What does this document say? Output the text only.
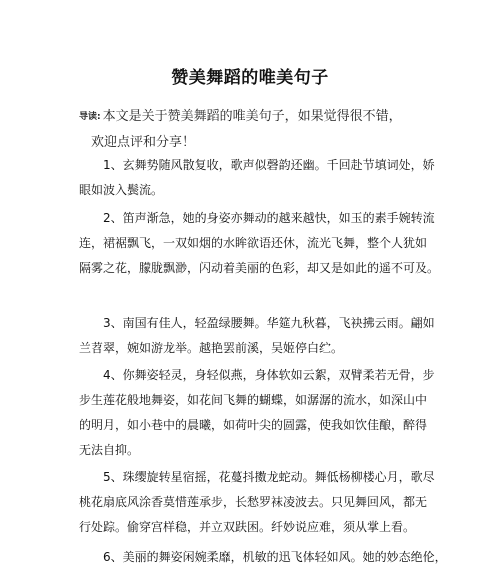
赞美舞蹈的唯美句子
导读: 本文是关于赞美舞蹈的唯美句子，如果觉得很不错，
欢迎点评和分享！
1、玄舞势随风散复收，歌声似磬韵还幽。千回赴节填词处，娇
眼如波入鬓流。
2、笛声渐急，她的身姿亦舞动的越来越快，如玉的素手婉转流
连，裙裾飘飞，一双如烟的水眸欲语还休，流光飞舞，整个人犹如
隔雾之花，朦胧飘渺，闪动着美丽的色彩，却又是如此的遥不可及。
3、南国有佳人，轻盈绿腰舞。华筵九秋暮，飞袂拂云雨。翩如
兰苕翠，婉如游龙举。越艳罢前溪，吴姬停白纻。
4、你舞姿轻灵，身轻似燕，身体软如云絮，双臂柔若无骨，步
步生莲花般地舞姿，如花间飞舞的蝴蝶，如潺潺的流水，如深山中
的明月，如小巷中的晨曦，如荷叶尖的圆露，使我如饮佳酿，醉得
无法自抑。
5、珠缨旋转星宿摇，花蔓抖擞龙蛇动。舞低杨柳楼心月，歌尽
桃花扇底风涂香莫惜莲承步，长愁罗袜凌波去。只见舞回风，都无
行处踪。偷穿宫样稳，并立双趺困。纤妙说应难，须从掌上看。
6、美丽的舞姿闲婉柔靡，机敏的迅飞体轻如风。她的妙态绝伦，
